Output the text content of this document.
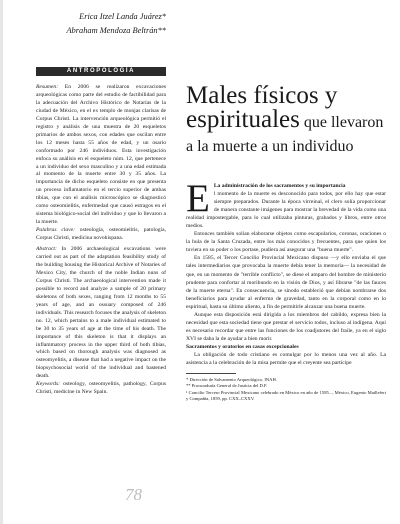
Erica Itzel Landa Juárez*
Abraham Mendoza Beltrán**
ANTROPOLOGÍA
Males físicos y
espirituales que llevaron
a la muerte a un individuo

Resumen: En 2006 se realizaron excavaciones arqueológicas como parte del estudio de factibilidad para la adecuación del Archivo Histórico de Notarías de la ciudad de México, en el ex templo de monjas clarisas de Corpus Christi. La intervención arqueológica permitió el registro y análisis de una muestra de 20 esqueletos primarios de ambos sexos, con edades que oscilan entre los 12 meses hasta 55 años de edad, y un osario conformado por 246 individuos. Esta investigación enfoca su análisis en el esqueleto núm. 12, que pertenece a un individuo del sexo masculino y a una edad estimada al momento de la muerte entre 30 y 35 años. La importancia de dicho esqueleto consiste en que presenta un proceso inflamatorio en el tercio superior de ambas tibias, que con el análisis microscópico se diagnosticó como osteomielitis, enfermedad que causó estragos en el sistema biológico-social del individuo y que lo llevaron a la muerte.

Palabras clave: osteología, osteomielitis, patología, Corpus Christi, medicina novohispana.

Abstract: In 2006 archaeological excavations were carried out as part of the adaptation feasibility study of the building housing the Historical Archive of Notaries of Mexico City, the church of the noble Indian nuns of Corpus Christi. The archaeological intervention made it possible to record and analyze a sample of 20 primary skeletons of both sexes, ranging from 12 months to 55 years of age, and an ossuary composed of 246 individuals. This research focuses the analysis of skeleton no. 12, which pertains to a male individual estimated to be 30 to 35 years of age at the time of his death. The importance of this skeleton is that it displays an inflammatory process in the upper third of both tibias, which based on thorough analysis was diagnosed as osteomyelitis, a disease that had a negative impact on the biopsychosocial world of the individual and hastened death.

Keywords: osteology, osteomyelitis, pathology, Corpus Christi, medicine in New Spain.

E La administración de los sacramentos y su importancia

l momento de la muerte es desconocido para todos, por ello hay que estar siempre preparados. Durante la época virreinal, el clero solía proporcionar de manera constante imágenes para mostrar la brevedad de la vida como una realidad impostergable, para lo cual utilizaba pinturas, grabados y libros, entre otros medios.

Entonces también solían elaborarse objetos como escapularios, coronas, oraciones o la bula de la Santa Cruzada, entre los más conocidos y frecuentes, para que quien los tuviera en su poder o los portase, pudiera así asegurar una "buena muerte".

En 1585, el Tercer Concilio Provincial Mexicano dispuso —y ello enviaba el que tales intermediarios que provocaba la muerte debía tener la memoria— la necesidad de que, en un momento de "terrible conflicto", se diese el amparo del hombre de ministerio prudente para confortar al moribundo en la visión de Dios, y así librarse "de las fauces de la muerte eterna". En consecuencia, se sinodo estableció que debían nombrarse dos beneficiarios para ayudar al enfermo de gravedad, tanto en la corporal como en lo espiritual, hasta su último aliento, a fin de permitirle alcanzar una buena muerte.

Aunque esta disposición está dirigida a los miembros del cabildo, expresa bien la necesidad que esta sociedad tiene que prestar el servicio todos, incluso al indígena. Aquí es necesario recordar que entre las funciones de los coadjutores del fraile, ya en el siglo XVI se daba la de ayudar a bien morir.

Sacramentos y oratorios en casas excepcionales

La obligación de todo cristiano es comulgar por lo menos una vez al año. La asistencia a la celebración de la misa permite que el creyente sea partícipe

* Dirección de Salvamento Arqueológico, INAH.

** Procuraduría General de Justicia del D.F.

¹ Concilio Tercero Provincial Mexicano celebrado en México en año de 1585..., México, Eugenio Maillefert y Compañía, 1859, pp. CXX–CXXV.

78
